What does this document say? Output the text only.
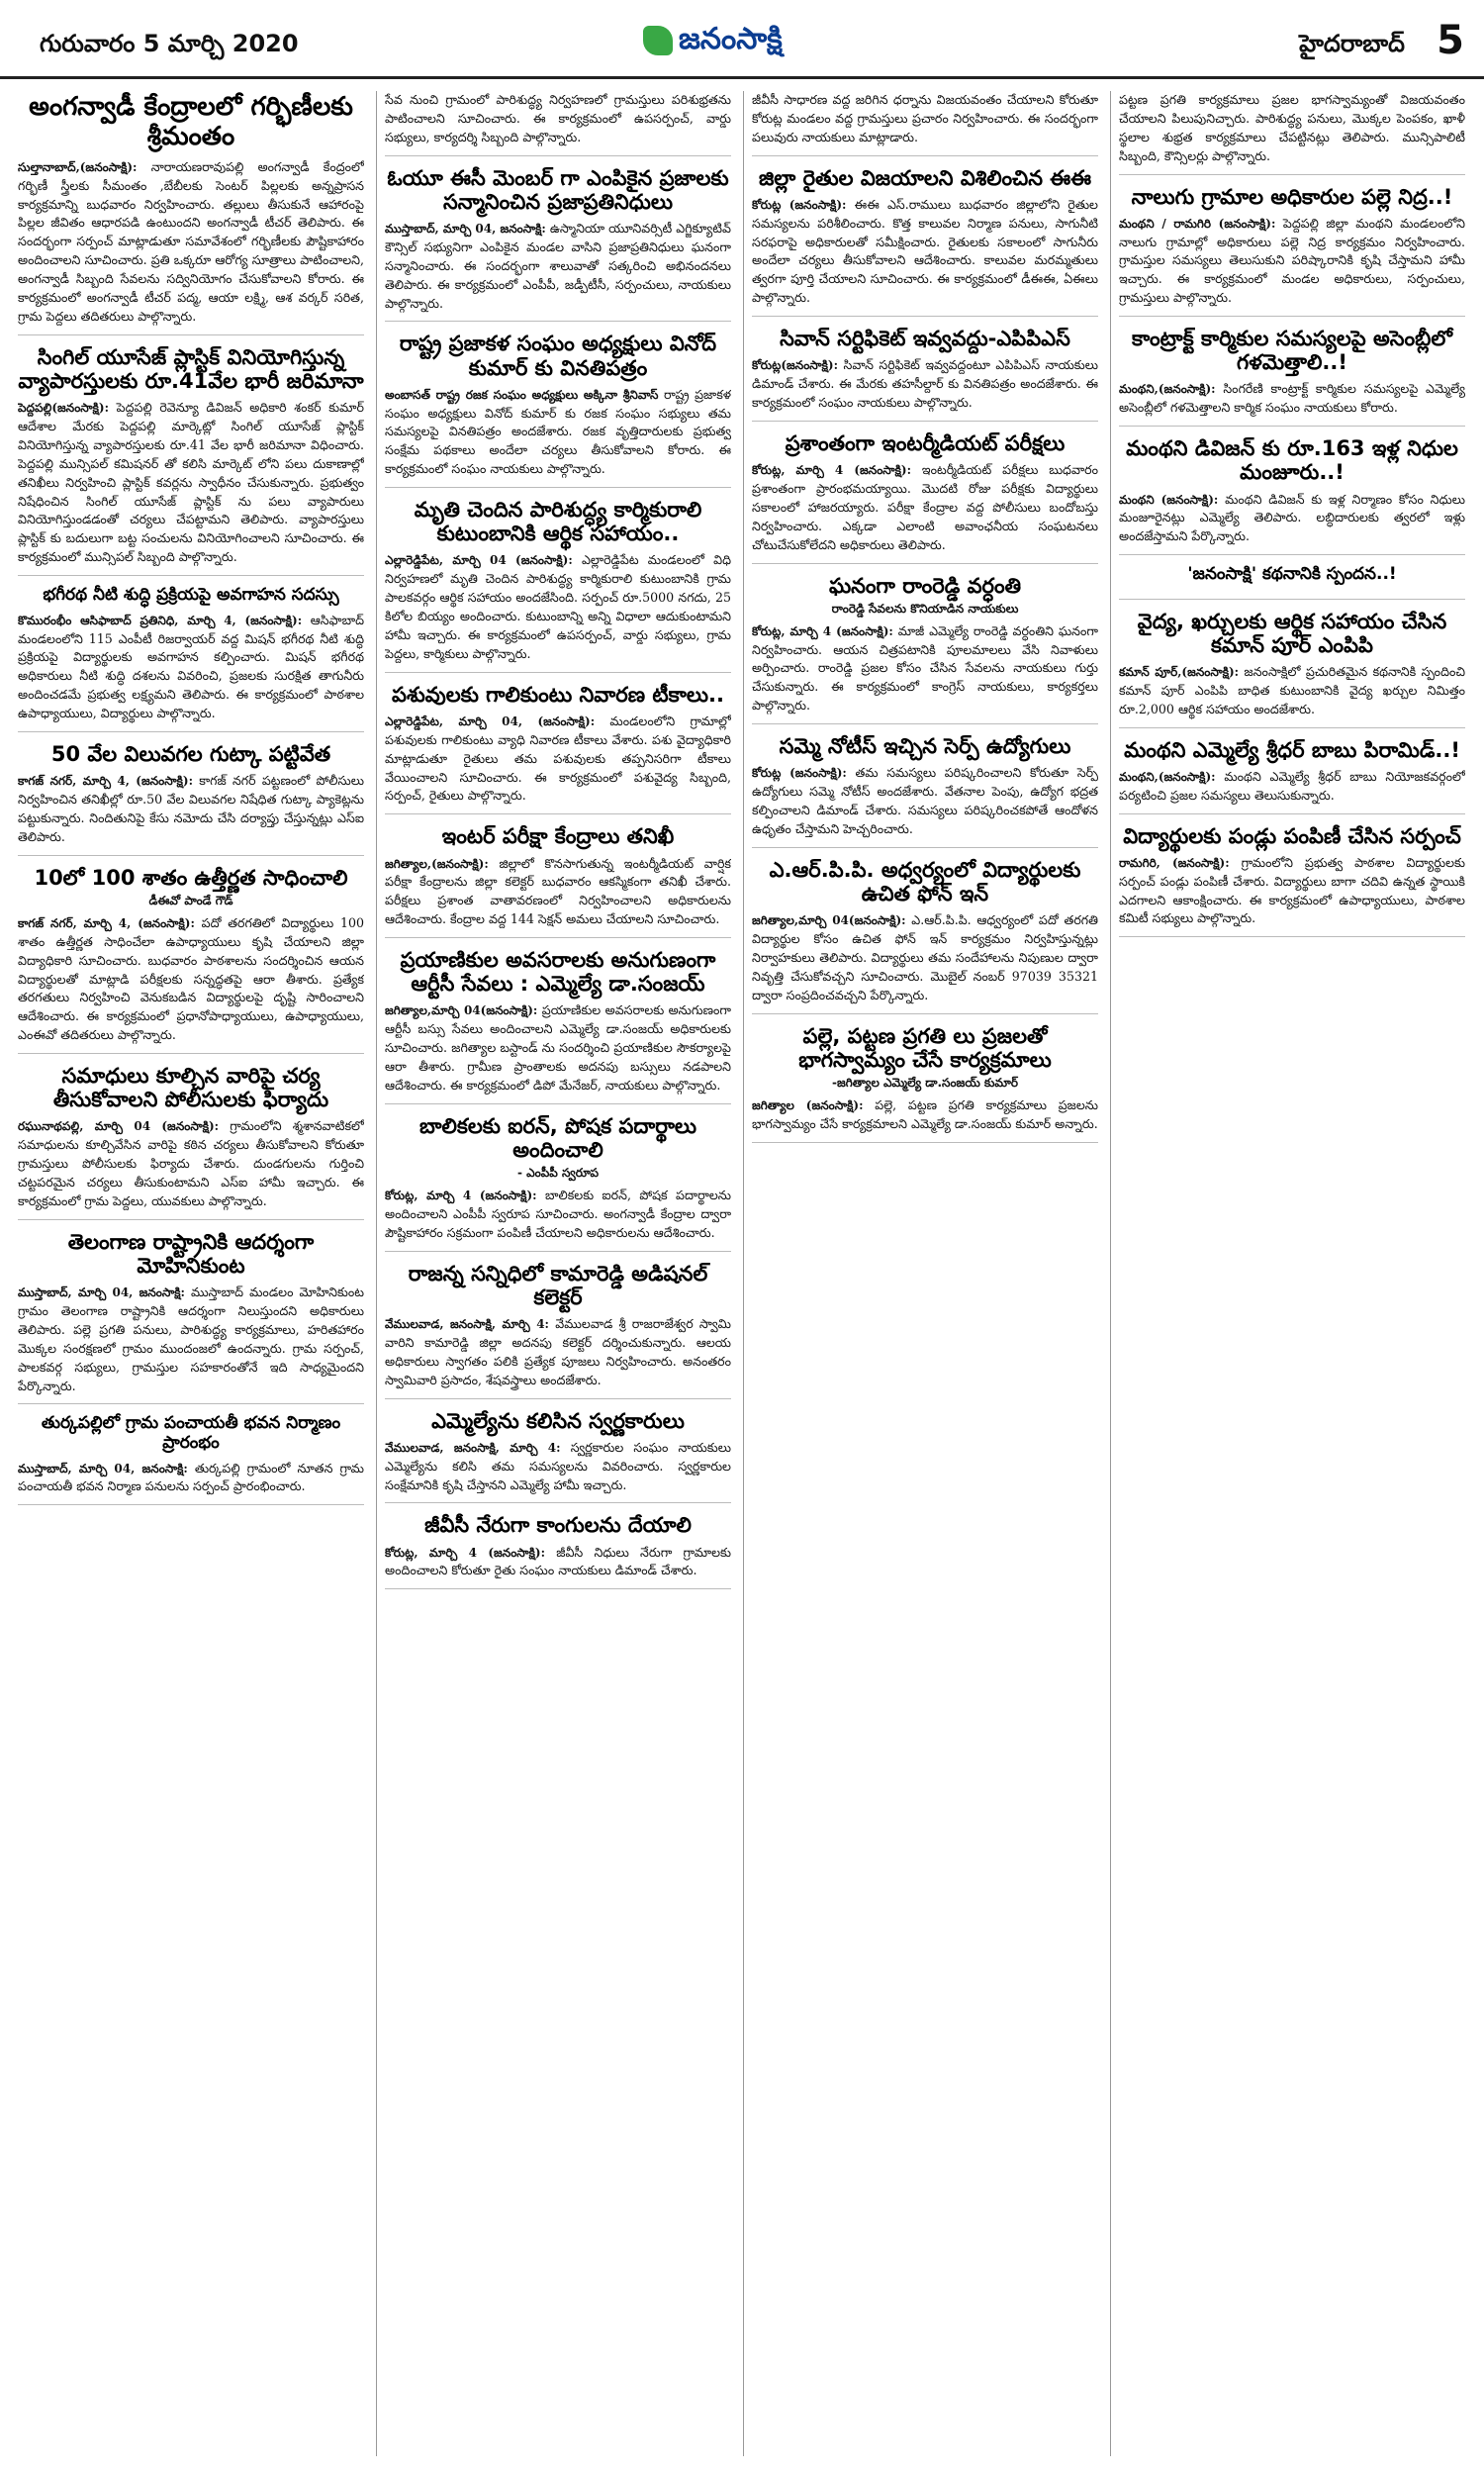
గురువారం 5 మార్చి 2020	జనంసాక్షి	హైదరాబాద్ 5
అంగన్వాడీ కేంద్రాలలో గర్భిణీలకు శ్రీమంతం

సుల్తానాబాద్,(జనంసాక్షి): నారాయణరావుపల్లి అంగన్వాడీ కేంద్రంలో గర్భిణీ స్త్రీలకు సీమంతం ,బేబీలకు సెంటర్ పిల్లలకు అన్నప్రాసన కార్యక్రమాన్ని బుధవారం నిర్వహించారు. తల్లులు తీసుకునే ఆహారంపై పిల్లల జీవితం ఆధారపడి ఉంటుందని అంగన్వాడీ టీచర్ తెలిపారు. ఈ సందర్భంగా సర్పంచ్ మాట్లాడుతూ సమావేశంలో గర్భిణీలకు పౌష్టికాహారం అందించాలని సూచించారు. ప్రతి ఒక్కరూ ఆరోగ్య సూత్రాలు పాటించాలని, అంగన్వాడీ సిబ్బంది సేవలను సద్వినియోగం చేసుకోవాలని కోరారు. ఈ కార్యక్రమంలో అంగన్వాడీ టీచర్ పద్మ, ఆయా లక్ష్మి, ఆశ వర్కర్ సరిత, గ్రామ పెద్దలు తదితరులు పాల్గొన్నారు.

సింగిల్ యూసేజ్ ప్లాస్టిక్ వినియోగిస్తున్న వ్యాపారస్తులకు రూ.41వేల భారీ జరిమానా

పెద్దపల్లి(జనంసాక్షి): పెద్దపల్లి రెవెన్యూ డివిజన్ అధికారి శంకర్ కుమార్ ఆదేశాల మేరకు పెద్దపల్లి మార్కెట్లో సింగిల్ యూసేజ్ ప్లాస్టిక్ వినియోగిస్తున్న వ్యాపారస్తులకు రూ.41 వేల భారీ జరిమానా విధించారు. పెద్దపల్లి మున్సిపల్ కమిషనర్ తో కలిసి మార్కెట్ లోని పలు దుకాణాల్లో తనిఖీలు నిర్వహించి ప్లాస్టిక్ కవర్లను స్వాధీనం చేసుకున్నారు. ప్రభుత్వం నిషేధించిన సింగిల్ యూసేజ్ ప్లాస్టిక్ ను పలు వ్యాపారులు వినియోగిస్తుండడంతో చర్యలు చేపట్టామని తెలిపారు. వ్యాపారస్తులు ప్లాస్టిక్ కు బదులుగా బట్ట సంచులను వినియోగించాలని సూచించారు. ఈ కార్యక్రమంలో మున్సిపల్ సిబ్బంది పాల్గొన్నారు.

భగీరథ నీటి శుద్ధి ప్రక్రియపై అవగాహన సదస్సు

కొమురంభీం ఆసిఫాబాద్ ప్రతినిధి, మార్చి 4, (జనంసాక్షి): ఆసిఫాబాద్ మండలంలోని 115 ఎంపీటీ రిజర్వాయర్ వద్ద మిషన్ భగీరథ నీటి శుద్ధి ప్రక్రియపై విద్యార్థులకు అవగాహన కల్పించారు. మిషన్ భగీరథ అధికారులు నీటి శుద్ధి దశలను వివరించి, ప్రజలకు సురక్షిత తాగునీరు అందించడమే ప్రభుత్వ లక్ష్యమని తెలిపారు. ఈ కార్యక్రమంలో పాఠశాల ఉపాధ్యాయులు, విద్యార్థులు పాల్గొన్నారు.

50 వేల విలువగల గుట్కా పట్టివేత

కాగజ్ నగర్, మార్చి 4, (జనంసాక్షి): కాగజ్ నగర్ పట్టణంలో పోలీసులు నిర్వహించిన తనిఖీల్లో రూ.50 వేల విలువగల నిషేధిత గుట్కా ప్యాకెట్లను పట్టుకున్నారు. నిందితునిపై కేసు నమోదు చేసి దర్యాప్తు చేస్తున్నట్లు ఎస్ఐ తెలిపారు.

10లో 100 శాతం ఉత్తీర్ణత సాధించాలి
డీఈవో పాండే గౌడ్

కాగజ్ నగర్, మార్చి 4, (జనంసాక్షి): పదో తరగతిలో విద్యార్థులు 100 శాతం ఉత్తీర్ణత సాధించేలా ఉపాధ్యాయులు కృషి చేయాలని జిల్లా విద్యాధికారి సూచించారు. బుధవారం పాఠశాలను సందర్శించిన ఆయన విద్యార్థులతో మాట్లాడి పరీక్షలకు సన్నద్ధతపై ఆరా తీశారు. ప్రత్యేక తరగతులు నిర్వహించి వెనుకబడిన విద్యార్థులపై దృష్టి సారించాలని ఆదేశించారు. ఈ కార్యక్రమంలో ప్రధానోపాధ్యాయులు, ఉపాధ్యాయులు, ఎంఈవో తదితరులు పాల్గొన్నారు.

సమాధులు కూల్చిన వారిపై చర్య తీసుకోవాలని పోలీసులకు ఫిర్యాదు

రఘునాథపల్లి, మార్చి 04 (జనంసాక్షి): గ్రామంలోని శ్మశానవాటికలో సమాధులను కూల్చివేసిన వారిపై కఠిన చర్యలు తీసుకోవాలని కోరుతూ గ్రామస్తులు పోలీసులకు ఫిర్యాదు చేశారు. దుండగులను గుర్తించి చట్టపరమైన చర్యలు తీసుకుంటామని ఎస్ఐ హామీ ఇచ్చారు. ఈ కార్యక్రమంలో గ్రామ పెద్దలు, యువకులు పాల్గొన్నారు.

తెలంగాణ రాష్ట్రానికి ఆదర్శంగా మోహినికుంట

ముస్తాబాద్, మార్చి 04, జనంసాక్షి: ముస్తాబాద్ మండలం మోహినికుంట గ్రామం తెలంగాణ రాష్ట్రానికి ఆదర్శంగా నిలుస్తుందని అధికారులు తెలిపారు. పల్లె ప్రగతి పనులు, పారిశుద్ధ్య కార్యక్రమాలు, హరితహారం మొక్కల సంరక్షణలో గ్రామం ముందంజలో ఉందన్నారు. గ్రామ సర్పంచ్, పాలకవర్గ సభ్యులు, గ్రామస్తుల సహకారంతోనే ఇది సాధ్యమైందని పేర్కొన్నారు.

తుర్కపల్లిలో గ్రామ పంచాయతీ భవన నిర్మాణం ప్రారంభం

ముస్తాబాద్, మార్చి 04, జనంసాక్షి: తుర్కపల్లి గ్రామంలో నూతన గ్రామ పంచాయతీ భవన నిర్మాణ పనులను సర్పంచ్ ప్రారంభించారు.

సేవ నుంచి గ్రామంలో పారిశుద్ధ్య నిర్వహణలో గ్రామస్తులు పరిశుభ్రతను పాటించాలని సూచించారు. ఈ కార్యక్రమంలో ఉపసర్పంచ్, వార్డు సభ్యులు, కార్యదర్శి సిబ్బంది పాల్గొన్నారు.

ఓయూ ఈసీ మెంబర్ గా ఎంపికైన ప్రజాలకు సన్మానించిన ప్రజాప్రతినిధులు

ముస్తాబాద్, మార్చి 04, జనంసాక్షి: ఉస్మానియా యూనివర్సిటీ ఎగ్జిక్యూటివ్ కౌన్సిల్ సభ్యునిగా ఎంపికైన మండల వాసిని ప్రజాప్రతినిధులు ఘనంగా సన్మానించారు. ఈ సందర్భంగా శాలువాతో సత్కరించి అభినందనలు తెలిపారు. ఈ కార్యక్రమంలో ఎంపీపీ, జడ్పీటీసీ, సర్పంచులు, నాయకులు పాల్గొన్నారు.

రాష్ట్ర ప్రజాకళ సంఘం అధ్యక్షులు వినోద్ కుమార్ కు వినతిపత్రం

అంబాసత్ రాష్ట్ర రజక సంఘం అధ్యక్షులు అక్కినా శ్రీనివాస్ రాష్ట్ర ప్రజాకళ సంఘం అధ్యక్షులు వినోద్ కుమార్ కు రజక సంఘం సభ్యులు తమ సమస్యలపై వినతిపత్రం అందజేశారు. రజక వృత్తిదారులకు ప్రభుత్వ సంక్షేమ పథకాలు అందేలా చర్యలు తీసుకోవాలని కోరారు. ఈ కార్యక్రమంలో సంఘం నాయకులు పాల్గొన్నారు.

మృతి చెందిన పారిశుద్ధ్య కార్మికురాలి కుటుంబానికి ఆర్థిక సహాయం..

ఎల్లారెడ్డిపేట, మార్చి 04 (జనంసాక్షి): ఎల్లారెడ్డిపేట మండలంలో విధి నిర్వహణలో మృతి చెందిన పారిశుద్ధ్య కార్మికురాలి కుటుంబానికి గ్రామ పాలకవర్గం ఆర్థిక సహాయం అందజేసింది. సర్పంచ్ రూ.5000 నగదు, 25 కిలోల బియ్యం అందించారు. కుటుంబాన్ని అన్ని విధాలా ఆదుకుంటామని హామీ ఇచ్చారు. ఈ కార్యక్రమంలో ఉపసర్పంచ్, వార్డు సభ్యులు, గ్రామ పెద్దలు, కార్మికులు పాల్గొన్నారు.

పశువులకు గాలికుంటు నివారణ టీకాలు..

ఎల్లారెడ్డిపేట, మార్చి 04, (జనంసాక్షి): మండలంలోని గ్రామాల్లో పశువులకు గాలికుంటు వ్యాధి నివారణ టీకాలు వేశారు. పశు వైద్యాధికారి మాట్లాడుతూ రైతులు తమ పశువులకు తప్పనిసరిగా టీకాలు వేయించాలని సూచించారు. ఈ కార్యక్రమంలో పశువైద్య సిబ్బంది, సర్పంచ్, రైతులు పాల్గొన్నారు.

ఇంటర్ పరీక్షా కేంద్రాలు తనిఖీ

జగిత్యాల,(జనంసాక్షి): జిల్లాలో కొనసాగుతున్న ఇంటర్మీడియట్ వార్షిక పరీక్షా కేంద్రాలను జిల్లా కలెక్టర్ బుధవారం ఆకస్మికంగా తనిఖీ చేశారు. పరీక్షలు ప్రశాంత వాతావరణంలో నిర్వహించాలని అధికారులను ఆదేశించారు. కేంద్రాల వద్ద 144 సెక్షన్ అమలు చేయాలని సూచించారు.

ప్రయాణికుల అవసరాలకు అనుగుణంగా ఆర్టీసీ సేవలు : ఎమ్మెల్యే డా.సంజయ్

జగిత్యాల,మార్చి 04(జనంసాక్షి): ప్రయాణికుల అవసరాలకు అనుగుణంగా ఆర్టీసీ బస్సు సేవలు అందించాలని ఎమ్మెల్యే డా.సంజయ్ అధికారులకు సూచించారు. జగిత్యాల బస్టాండ్ ను సందర్శించి ప్రయాణికుల సౌకర్యాలపై ఆరా తీశారు. గ్రామీణ ప్రాంతాలకు అదనపు బస్సులు నడపాలని ఆదేశించారు. ఈ కార్యక్రమంలో డిపో మేనేజర్, నాయకులు పాల్గొన్నారు.

బాలికలకు ఐరన్, పోషక పదార్థాలు అందించాలి
- ఎంపీపీ స్వరూప

కోరుట్ల, మార్చి 4 (జనంసాక్షి): బాలికలకు ఐరన్, పోషక పదార్థాలను అందించాలని ఎంపీపీ స్వరూప సూచించారు. అంగన్వాడీ కేంద్రాల ద్వారా పౌష్టికాహారం సక్రమంగా పంపిణీ చేయాలని అధికారులను ఆదేశించారు.

రాజన్న సన్నిధిలో కామారెడ్డి అడిషనల్ కలెక్టర్

వేములవాడ, జనంసాక్షి, మార్చి 4: వేములవాడ శ్రీ రాజరాజేశ్వర స్వామి వారిని కామారెడ్డి జిల్లా అదనపు కలెక్టర్ దర్శించుకున్నారు. ఆలయ అధికారులు స్వాగతం పలికి ప్రత్యేక పూజలు నిర్వహించారు. అనంతరం స్వామివారి ప్రసాదం, శేషవస్త్రాలు అందజేశారు.

ఎమ్మెల్యేను కలిసిన స్వర్ణకారులు

వేములవాడ, జనంసాక్షి, మార్చి 4: స్వర్ణకారుల సంఘం నాయకులు ఎమ్మెల్యేను కలిసి తమ సమస్యలను వివరించారు. స్వర్ణకారుల సంక్షేమానికి కృషి చేస్తానని ఎమ్మెల్యే హామీ ఇచ్చారు.

జీవీసీ నేరుగా కాంగులను దేయాలి

కోరుట్ల, మార్చి 4 (జనంసాక్షి): జీవీసీ నిధులు నేరుగా గ్రామాలకు అందించాలని కోరుతూ రైతు సంఘం నాయకులు డిమాండ్ చేశారు.

జీవీసీ సాధారణ వద్ద జరిగిన ధర్నాను విజయవంతం చేయాలని కోరుతూ కోరుట్ల మండలం వద్ద గ్రామస్తులు ప్రచారం నిర్వహించారు. ఈ సందర్భంగా పలువురు నాయకులు మాట్లాడారు.

జిల్లా రైతుల విజయాలని విశిలించిన ఈఈ

కోరుట్ల (జనంసాక్షి): ఈఈ ఎస్.రాములు బుధవారం జిల్లాలోని రైతుల సమస్యలను పరిశీలించారు. కొత్త కాలువల నిర్మాణ పనులు, సాగునీటి సరఫరాపై అధికారులతో సమీక్షించారు. రైతులకు సకాలంలో సాగునీరు అందేలా చర్యలు తీసుకోవాలని ఆదేశించారు. కాలువల మరమ్మతులు త్వరగా పూర్తి చేయాలని సూచించారు. ఈ కార్యక్రమంలో డీఈఈ, ఏఈలు పాల్గొన్నారు.

సివాన్ సర్టిఫికెట్ ఇవ్వవద్దు-ఎపిపిఎస్

కోరుట్ల(జనంసాక్షి): సివాన్ సర్టిఫికెట్ ఇవ్వవద్దంటూ ఎపిపిఎస్ నాయకులు డిమాండ్ చేశారు. ఈ మేరకు తహసీల్దార్ కు వినతిపత్రం అందజేశారు. ఈ కార్యక్రమంలో సంఘం నాయకులు పాల్గొన్నారు.

ప్రశాంతంగా ఇంటర్మీడియట్ పరీక్షలు

కోరుట్ల, మార్చి 4 (జనంసాక్షి): ఇంటర్మీడియట్ పరీక్షలు బుధవారం ప్రశాంతంగా ప్రారంభమయ్యాయి. మొదటి రోజు పరీక్షకు విద్యార్థులు సకాలంలో హాజరయ్యారు. పరీక్షా కేంద్రాల వద్ద పోలీసులు బందోబస్తు నిర్వహించారు. ఎక్కడా ఎలాంటి అవాంఛనీయ సంఘటనలు చోటుచేసుకోలేదని అధికారులు తెలిపారు.

ఘనంగా రాంరెడ్డి వర్ధంతి
రాంరెడ్డి సేవలను కొనియాడిన నాయకులు

కోరుట్ల, మార్చి 4 (జనంసాక్షి): మాజీ ఎమ్మెల్యే రాంరెడ్డి వర్ధంతిని ఘనంగా నిర్వహించారు. ఆయన చిత్రపటానికి పూలమాలలు వేసి నివాళులు అర్పించారు. రాంరెడ్డి ప్రజల కోసం చేసిన సేవలను నాయకులు గుర్తు చేసుకున్నారు. ఈ కార్యక్రమంలో కాంగ్రెస్ నాయకులు, కార్యకర్తలు పాల్గొన్నారు.

సమ్మె నోటీస్ ఇచ్చిన సెర్ప్ ఉద్యోగులు

కోరుట్ల (జనంసాక్షి): తమ సమస్యలు పరిష్కరించాలని కోరుతూ సెర్ప్ ఉద్యోగులు సమ్మె నోటీస్ అందజేశారు. వేతనాల పెంపు, ఉద్యోగ భద్రత కల్పించాలని డిమాండ్ చేశారు. సమస్యలు పరిష్కరించకపోతే ఆందోళన ఉధృతం చేస్తామని హెచ్చరించారు.

ఎ.ఆర్.పి.పి. అధ్వర్యంలో విద్యార్థులకు ఉచిత ఫోన్ ఇన్

జగిత్యాల,మార్చి 04(జనంసాక్షి): ఎ.ఆర్.పి.పి. ఆధ్వర్యంలో పదో తరగతి విద్యార్థుల కోసం ఉచిత ఫోన్ ఇన్ కార్యక్రమం నిర్వహిస్తున్నట్లు నిర్వాహకులు తెలిపారు. విద్యార్థులు తమ సందేహాలను నిపుణుల ద్వారా నివృత్తి చేసుకోవచ్చని సూచించారు. మొబైల్ నంబర్ 97039 35321 ద్వారా సంప్రదించవచ్చని పేర్కొన్నారు.

పల్లె, పట్టణ ప్రగతి లు ప్రజలతో భాగస్వామ్యం చేసే కార్యక్రమాలు
-జగిత్యాల ఎమ్మెల్యే డా.సంజయ్ కుమార్

జగిత్యాల (జనంసాక్షి): పల్లె, పట్టణ ప్రగతి కార్యక్రమాలు ప్రజలను భాగస్వామ్యం చేసే కార్యక్రమాలని ఎమ్మెల్యే డా.సంజయ్ కుమార్ అన్నారు.

పట్టణ ప్రగతి కార్యక్రమాలు ప్రజల భాగస్వామ్యంతో విజయవంతం చేయాలని పిలుపునిచ్చారు. పారిశుద్ధ్య పనులు, మొక్కల పెంపకం, ఖాళీ స్థలాల శుభ్రత కార్యక్రమాలు చేపట్టినట్లు తెలిపారు. మున్సిపాలిటీ సిబ్బంది, కౌన్సిలర్లు పాల్గొన్నారు.

నాలుగు గ్రామాల అధికారుల పల్లె నిద్ర..!

మంథని / రామగిరి (జనంసాక్షి): పెద్దపల్లి జిల్లా మంథని మండలంలోని నాలుగు గ్రామాల్లో అధికారులు పల్లె నిద్ర కార్యక్రమం నిర్వహించారు. గ్రామస్తుల సమస్యలు తెలుసుకుని పరిష్కారానికి కృషి చేస్తామని హామీ ఇచ్చారు. ఈ కార్యక్రమంలో మండల అధికారులు, సర్పంచులు, గ్రామస్తులు పాల్గొన్నారు.

కాంట్రాక్ట్ కార్మికుల సమస్యలపై అసెంబ్లీలో గళమెత్తాలి..!

మంథని,(జనంసాక్షి): సింగరేణి కాంట్రాక్ట్ కార్మికుల సమస్యలపై ఎమ్మెల్యే అసెంబ్లీలో గళమెత్తాలని కార్మిక సంఘం నాయకులు కోరారు.

మంథని డివిజన్ కు రూ.163 ఇళ్ల నిధుల మంజూరు..!

మంథని (జనంసాక్షి): మంథని డివిజన్ కు ఇళ్ల నిర్మాణం కోసం నిధులు మంజూరైనట్లు ఎమ్మెల్యే తెలిపారు. లబ్ధిదారులకు త్వరలో ఇళ్లు అందజేస్తామని పేర్కొన్నారు.

'జనంసాక్షి' కథనానికి స్పందన..!

వైద్య, ఖర్చులకు ఆర్థిక సహాయం చేసిన కమాన్ పూర్ ఎంపిపి

కమాన్ పూర్,(జనంసాక్షి): జనంసాక్షిలో ప్రచురితమైన కథనానికి స్పందించి కమాన్ పూర్ ఎంపిపి బాధిత కుటుంబానికి వైద్య ఖర్చుల నిమిత్తం రూ.2,000 ఆర్థిక సహాయం అందజేశారు.

మంథని ఎమ్మెల్యే శ్రీధర్ బాబు పిరామిడ్..!

మంథని,(జనంసాక్షి): మంథని ఎమ్మెల్యే శ్రీధర్ బాబు నియోజకవర్గంలో పర్యటించి ప్రజల సమస్యలు తెలుసుకున్నారు.

విద్యార్థులకు పండ్లు పంపిణీ చేసిన సర్పంచ్

రామగిరి, (జనంసాక్షి): గ్రామంలోని ప్రభుత్వ పాఠశాల విద్యార్థులకు సర్పంచ్ పండ్లు పంపిణీ చేశారు. విద్యార్థులు బాగా చదివి ఉన్నత స్థాయికి ఎదగాలని ఆకాంక్షించారు. ఈ కార్యక్రమంలో ఉపాధ్యాయులు, పాఠశాల కమిటీ సభ్యులు పాల్గొన్నారు.
